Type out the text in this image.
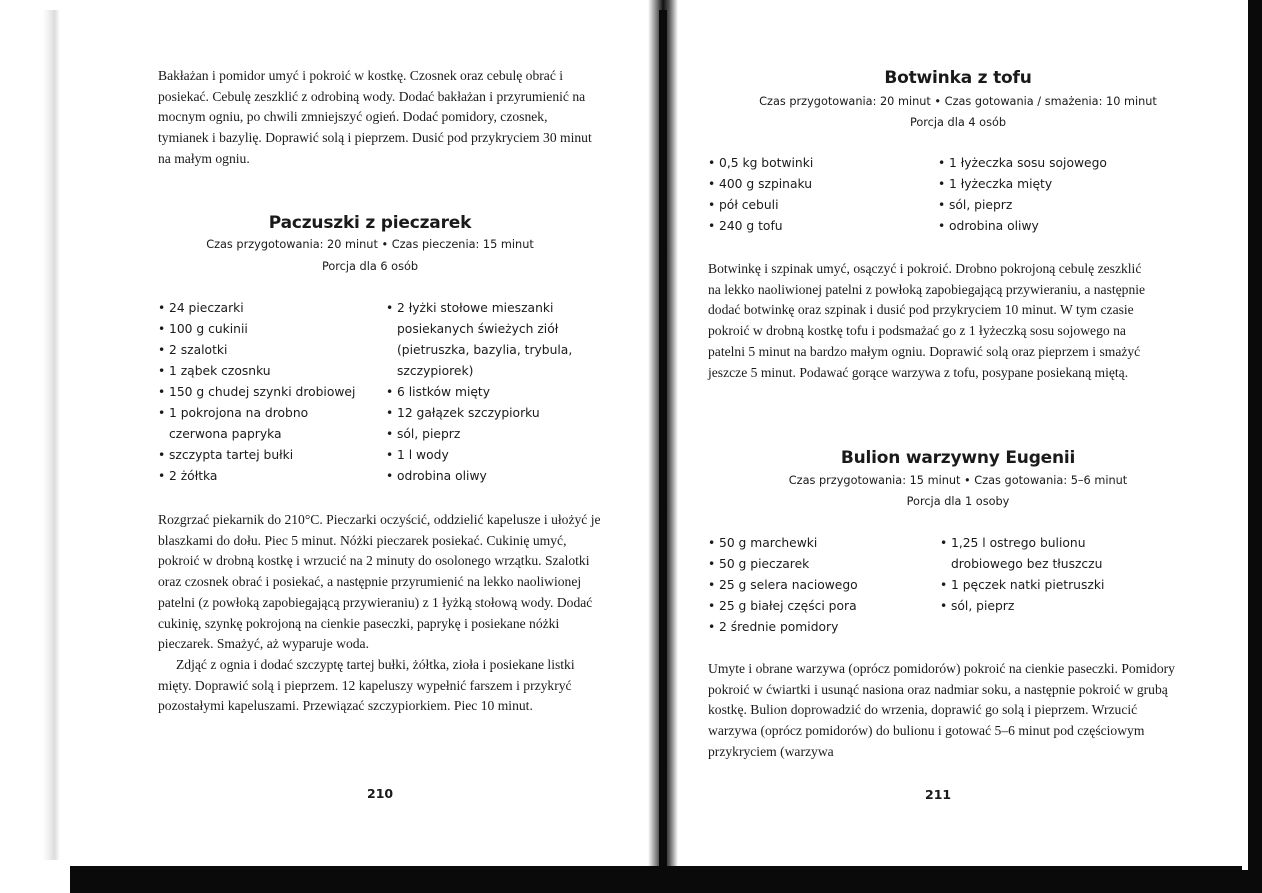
Bakłażan i pomidor umyć i pokroić w kostkę. Czosnek oraz cebulę obrać i posiekać. Cebulę zeszklić z odrobiną wody. Dodać bakłażan i przyrumienić na mocnym ogniu, po chwili zmniejszyć ogień. Dodać pomidory, czosnek, tymianek i bazylię. Doprawić solą i pieprzem. Dusić pod przykryciem 30 minut na małym ogniu.

Paczuszki z pieczarek

Czas przygotowania: 20 minut • Czas pieczenia: 15 minut

Porcja dla 6 osób

• 24 pieczarki
• 100 g cukinii
• 2 szalotki
• 1 ząbek czosnku
• 150 g chudej szynki drobiowej
• 1 pokrojona na drobno czerwona papryka
• szczypta tartej bułki
• 2 żółtka
• 2 łyżki stołowe mieszanki posiekanych świeżych ziół (pietruszka, bazylia, trybula, szczypiorek)
• 6 listków mięty
• 12 gałązek szczypiorku
• sól, pieprz
• 1 l wody
• odrobina oliwy

Rozgrzać piekarnik do 210°C. Pieczarki oczyścić, oddzielić kapelusze i ułożyć je blaszkami do dołu. Piec 5 minut. Nóżki pieczarek posiekać. Cukinię umyć, pokroić w drobną kostkę i wrzucić na 2 minuty do osolonego wrzątku. Szalotki oraz czosnek obrać i posiekać, a następnie przyrumienić na lekko naoliwionej patelni (z powłoką zapobiegającą przywieraniu) z 1 łyżką stołową wody. Dodać cukinię, szynkę pokrojoną na cienkie paseczki, paprykę i posiekane nóżki pieczarek. Smażyć, aż wyparuje woda.

Zdjąć z ognia i dodać szczyptę tartej bułki, żółtka, zioła i posiekane listki mięty. Doprawić solą i pieprzem. 12 kapeluszy wypełnić farszem i przykryć pozostałymi kapeluszami. Przewiązać szczypiorkiem. Piec 10 minut.

210
Botwinka z tofu

Czas przygotowania: 20 minut • Czas gotowania / smażenia: 10 minut

Porcja dla 4 osób

• 0,5 kg botwinki
• 400 g szpinaku
• pół cebuli
• 240 g tofu
• 1 łyżeczka sosu sojowego
• 1 łyżeczka mięty
• sól, pieprz
• odrobina oliwy

Botwinkę i szpinak umyć, osączyć i pokroić. Drobno pokrojoną cebulę zeszklić na lekko naoliwionej patelni z powłoką zapobiegającą przywieraniu, a następnie dodać botwinkę oraz szpinak i dusić pod przykryciem 10 minut. W tym czasie pokroić w drobną kostkę tofu i podsmażać go z 1 łyżeczką sosu sojowego na patelni 5 minut na bardzo małym ogniu. Doprawić solą oraz pieprzem i smażyć jeszcze 5 minut. Podawać gorące warzywa z tofu, posypane posiekaną miętą.

Bulion warzywny Eugenii

Czas przygotowania: 15 minut • Czas gotowania: 5–6 minut

Porcja dla 1 osoby

• 50 g marchewki
• 50 g pieczarek
• 25 g selera naciowego
• 25 g białej części pora
• 2 średnie pomidory
• 1,25 l ostrego bulionu drobiowego bez tłuszczu
• 1 pęczek natki pietruszki
• sól, pieprz

Umyte i obrane warzywa (oprócz pomidorów) pokroić na cienkie paseczki. Pomidory pokroić w ćwiartki i usunąć nasiona oraz nadmiar soku, a następnie pokroić w grubą kostkę. Bulion doprowadzić do wrzenia, doprawić go solą i pieprzem. Wrzucić warzywa (oprócz pomidorów) do bulionu i gotować 5–6 minut pod częściowym przykryciem (warzywa

211
